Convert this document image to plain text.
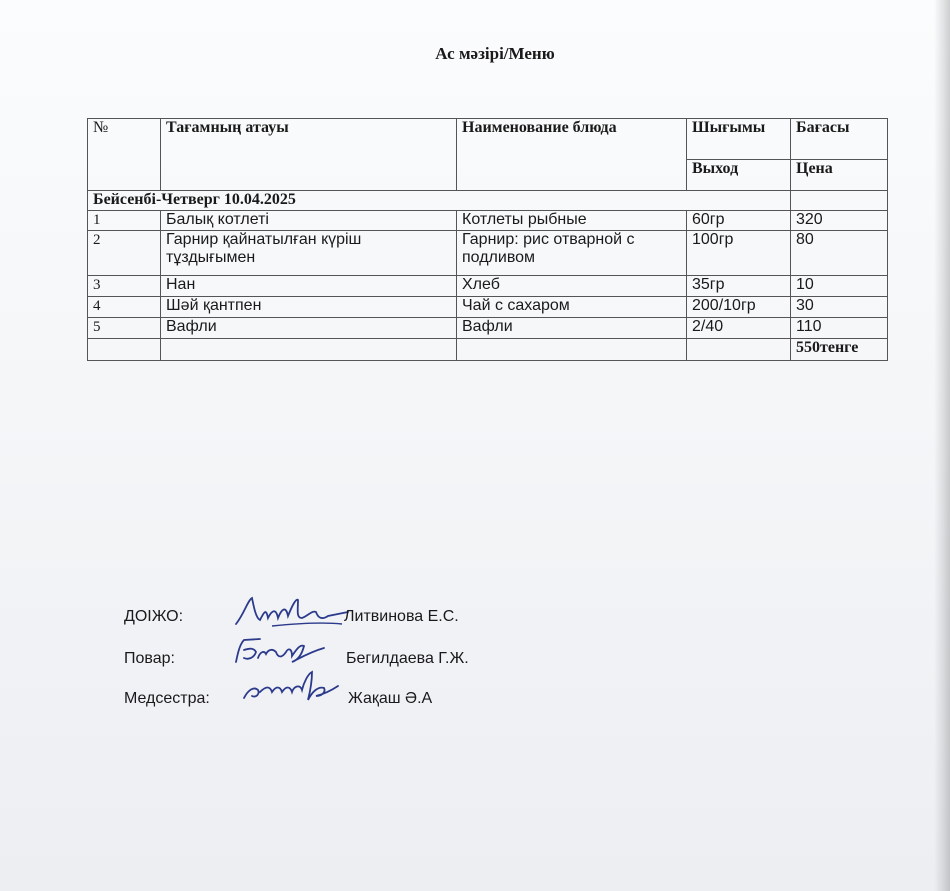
Ас мәзірі/Меню
№	Тағамның атауы	Наименование блюда	Шығымы	Бағасы
			Выход	Цена
Бейсенбі-Четверг 10.04.2025				
1	Балық котлеті	Котлеты рыбные	60гр	320
2	Гарнир қайнатылған күріш тұздығымен	Гарнир: рис отварной с подливом	100гр	80
3	Нан	Хлеб	35гр	10
4	Шәй қантпен	Чай с сахаром	200/10гр	30
5	Вафли	Вафли	2/40	110
				550тенге
ДОІЖО:	Литвинова Е.С.
Повар:	Бегилдаева Г.Ж.
Медсестра:	Жақаш Ә.А
